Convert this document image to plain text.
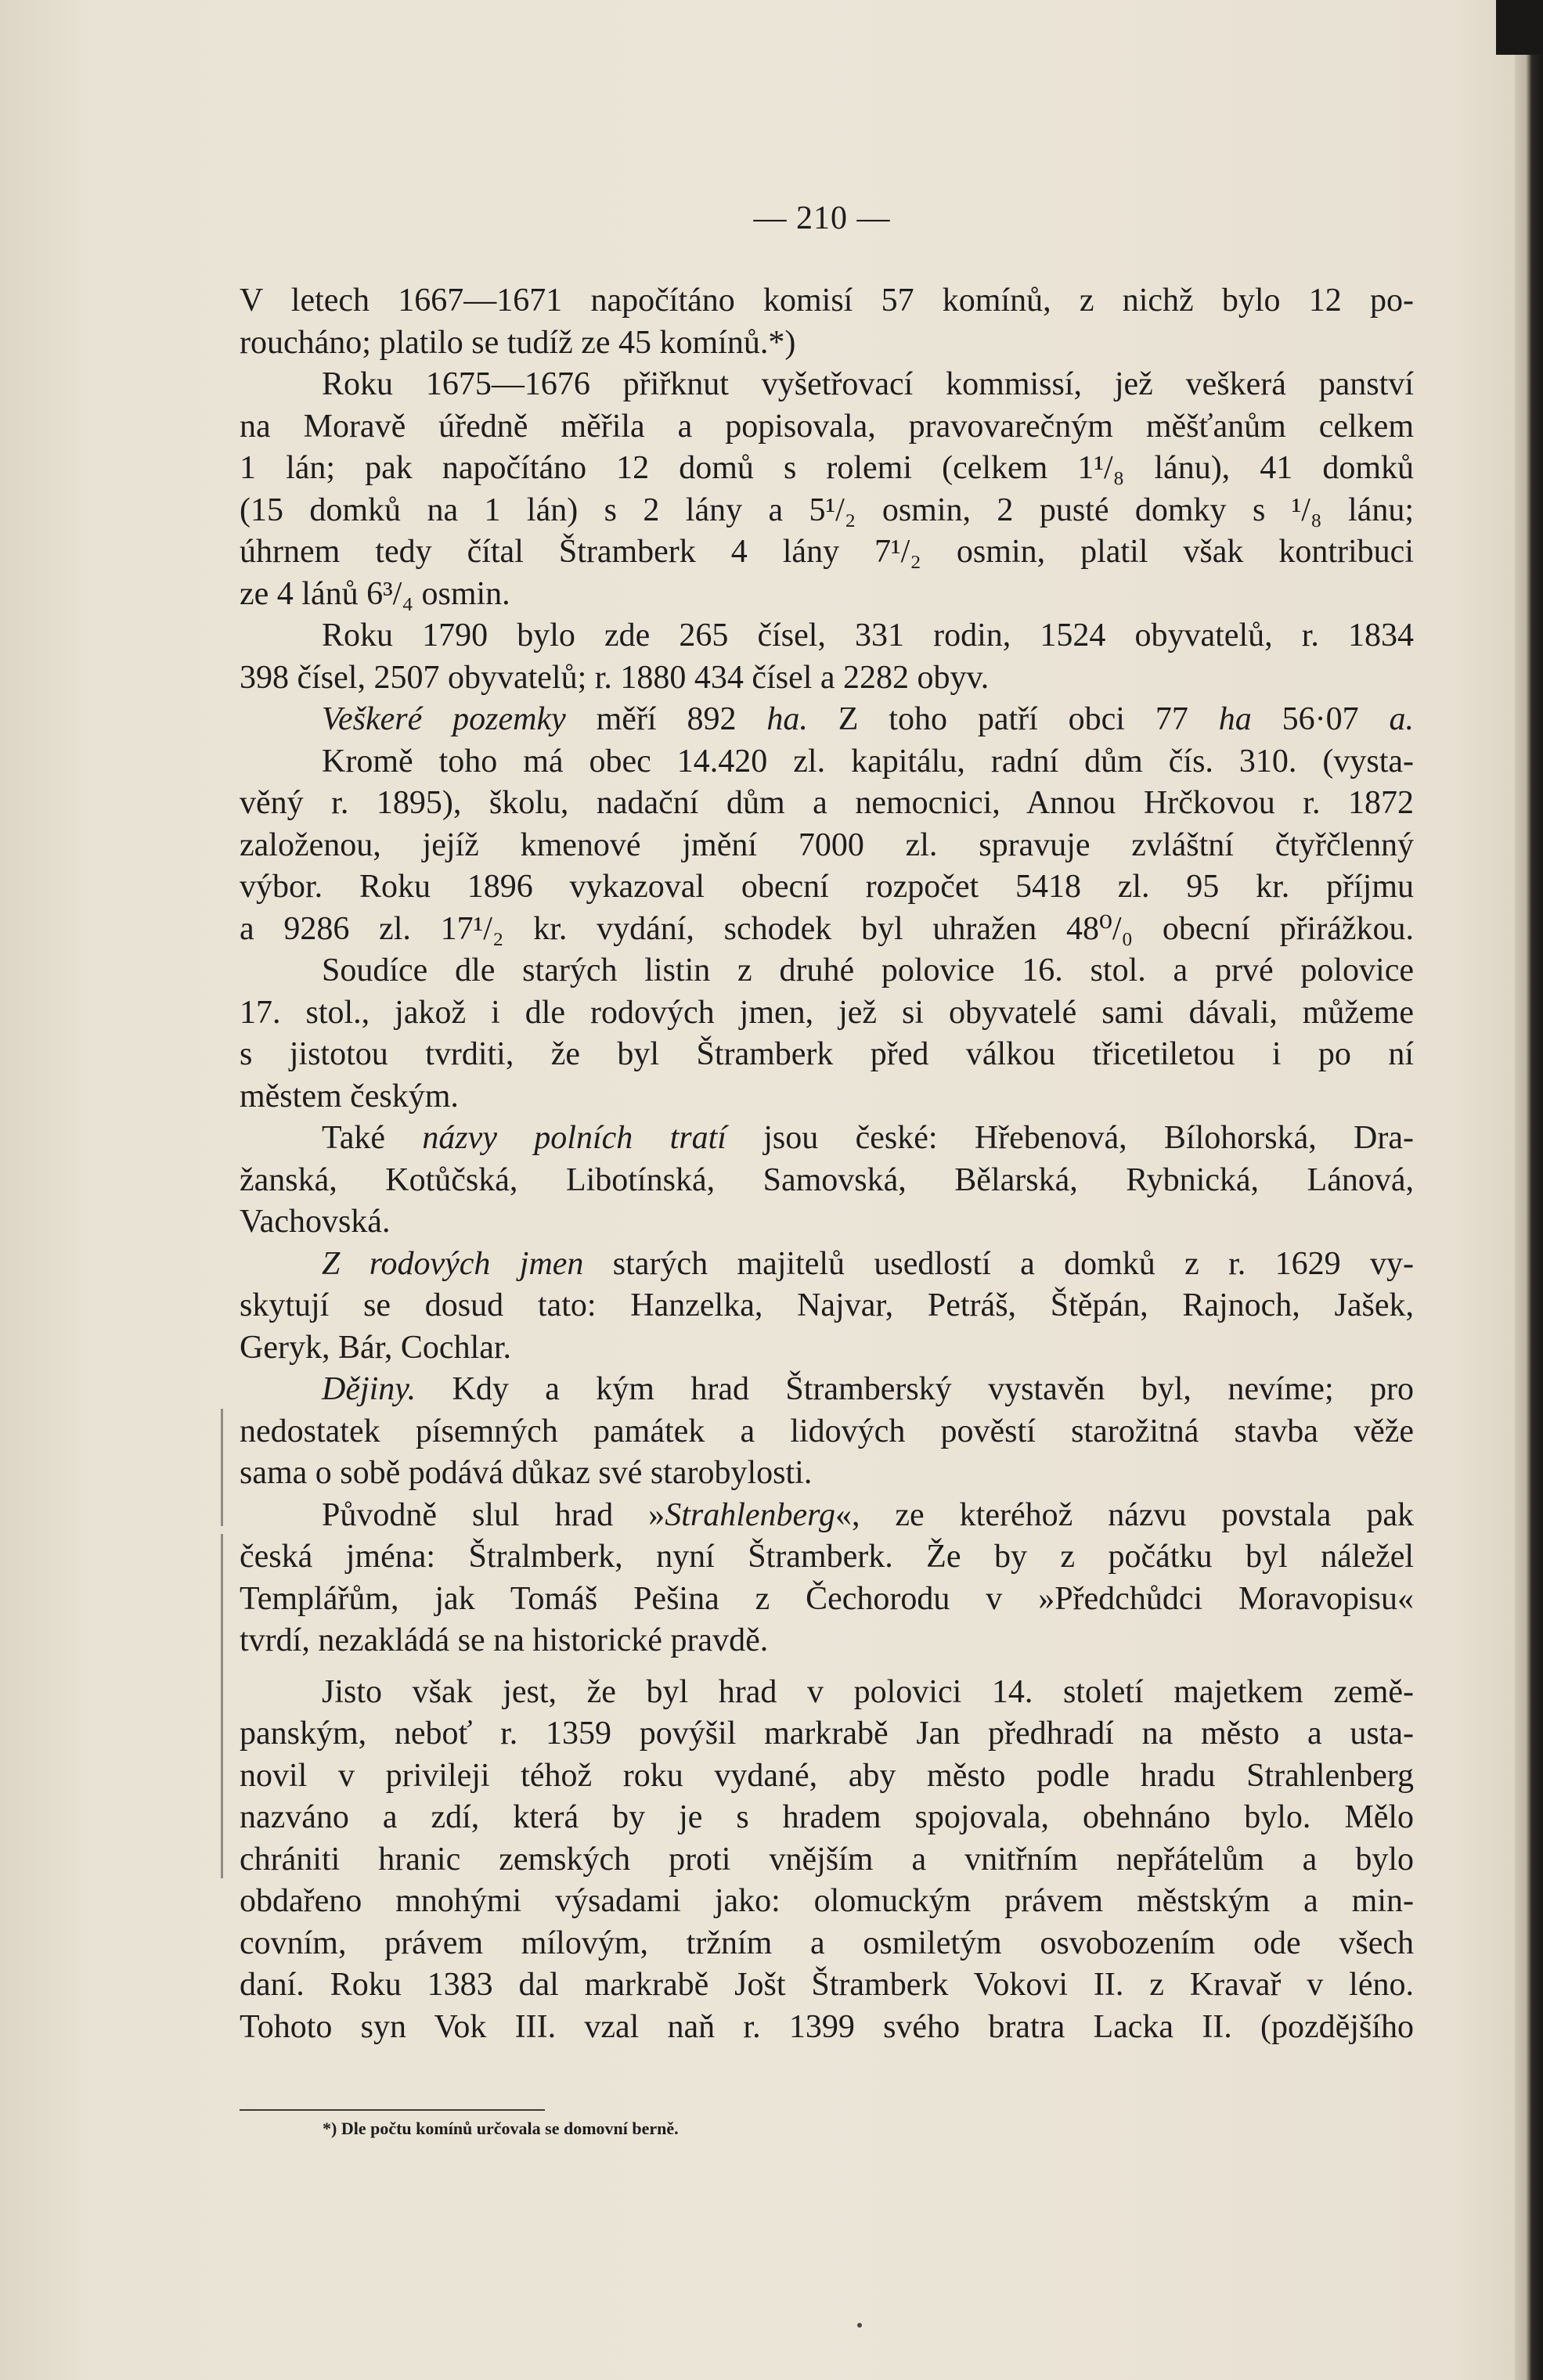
— 210 —

V letech 1667—1671 napočítáno komisí 57 komínů, z nichž bylo 12 po-
roucháno; platilo se tudíž ze 45 komínů.*)

Roku 1675—1676 přiřknut vyšetřovací kommissí, jež veškerá panství
na Moravě úředně měřila a popisovala, pravovarečným měšťanům celkem
1 lán; pak napočítáno 12 domů s rolemi (celkem 1¹/₈ lánu), 41 domků
(15 domků na 1 lán) s 2 lány a 5¹/₂ osmin, 2 pusté domky s ¹/₈ lánu;
úhrnem tedy čítal Štramberk 4 lány 7¹/₂ osmin, platil však kontribuci
ze 4 lánů 6³/₄ osmin.

Roku 1790 bylo zde 265 čísel, 331 rodin, 1524 obyvatelů, r. 1834
398 čísel, 2507 obyvatelů; r. 1880 434 čísel a 2282 obyv.

Veškeré pozemky měří 892 ha. Z toho patří obci 77 ha 56·07 a.

Kromě toho má obec 14.420 zl. kapitálu, radní dům čís. 310. (vysta-
věný r. 1895), školu, nadační dům a nemocnici, Annou Hrčkovou r. 1872
založenou, jejíž kmenové jmění 7000 zl. spravuje zvláštní čtyřčlenný
výbor. Roku 1896 vykazoval obecní rozpočet 5418 zl. 95 kr. příjmu
a 9286 zl. 17¹/₂ kr. vydání, schodek byl uhražen 48⁰/₀ obecní přirážkou.

Soudíce dle starých listin z druhé polovice 16. stol. a prvé polovice
17. stol., jakož i dle rodových jmen, jež si obyvatelé sami dávali, můžeme
s jistotou tvrditi, že byl Štramberk před válkou třicetiletou i po ní
městem českým.

Také názvy polních tratí jsou české: Hřebenová, Bílohorská, Dra-
žanská, Kotůčská, Libotínská, Samovská, Bělarská, Rybnická, Lánová,
Vachovská.

Z rodových jmen starých majitelů usedlostí a domků z r. 1629 vy-
skytují se dosud tato: Hanzelka, Najvar, Petráš, Štěpán, Rajnoch, Jašek,
Geryk, Bár, Cochlar.

Dějiny. Kdy a kým hrad Štramberský vystavěn byl, nevíme; pro
nedostatek písemných památek a lidových pověstí starožitná stavba věže
sama o sobě podává důkaz své starobylosti.

Původně slul hrad »Strahlenberg«, ze kteréhož názvu povstala pak
česká jména: Štralmberk, nyní Štramberk. Že by z počátku byl náležel
Templářům, jak Tomáš Pešina z Čechorodu v »Předchůdci Moravopisu«
tvrdí, nezakládá se na historické pravdě.

Jisto však jest, že byl hrad v polovici 14. století majetkem země-
panským, neboť r. 1359 povýšil markrabě Jan předhradí na město a usta-
novil v privileji téhož roku vydané, aby město podle hradu Strahlenberg
nazváno a zdí, která by je s hradem spojovala, obehnáno bylo. Mělo
chrániti hranic zemských proti vnějším a vnitřním nepřátelům a bylo
obdařeno mnohými výsadami jako: olomuckým právem městským a min-
covním, právem mílovým, tržním a osmiletým osvobozením ode všech
daní. Roku 1383 dal markrabě Jošt Štramberk Vokovi II. z Kravař v léno.
Tohoto syn Vok III. vzal naň r. 1399 svého bratra Lacka II. (pozdějšího

*) Dle počtu komínů určovala se domovní berně.
